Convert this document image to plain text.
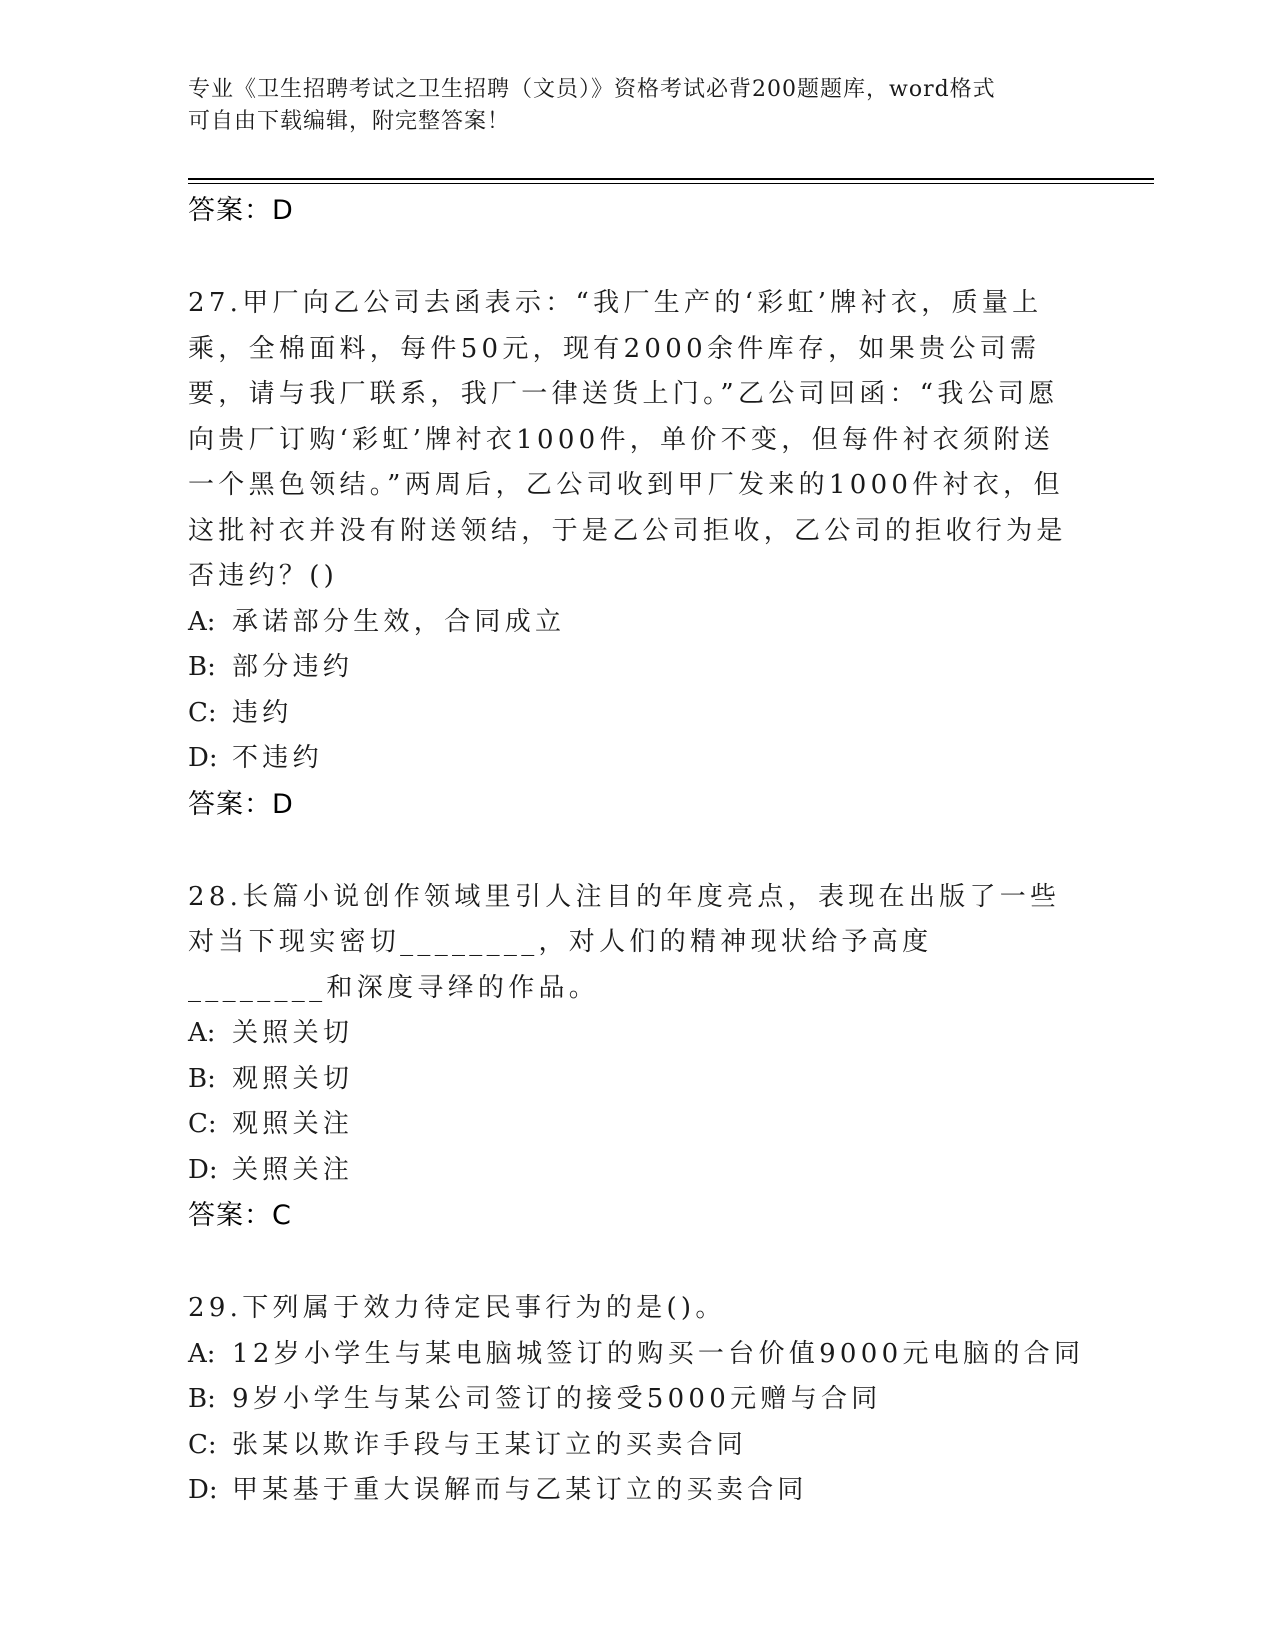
专业《卫生招聘考试之卫生招聘（文员）》资格考试必背200题题库，word格式
可自由下载编辑，附完整答案！
答案：D

27.甲厂向乙公司去函表示：“我厂生产的‘彩虹’牌衬衣，质量上乘，全棉面料，每件50元，现有2000余件库存，如果贵公司需要，请与我厂联系，我厂一律送货上门。”乙公司回函：“我公司愿向贵厂订购‘彩虹’牌衬衣1000件，单价不变，但每件衬衣须附送一个黑色领结。”两周后，乙公司收到甲厂发来的1000件衬衣，但这批衬衣并没有附送领结，于是乙公司拒收，乙公司的拒收行为是否违约？()

A: 承诺部分生效，合同成立
B: 部分违约
C: 违约
D: 不违约
答案：D

28.长篇小说创作领域里引人注目的年度亮点，表现在出版了一些对当下现实密切________，对人们的精神现状给予高度________和深度寻绎的作品。

A: 关照关切
B: 观照关切
C: 观照关注
D: 关照关注
答案：C

29.下列属于效力待定民事行为的是()。

A: 12岁小学生与某电脑城签订的购买一台价值9000元电脑的合同
B: 9岁小学生与某公司签订的接受5000元赠与合同
C: 张某以欺诈手段与王某订立的买卖合同
D: 甲某基于重大误解而与乙某订立的买卖合同
